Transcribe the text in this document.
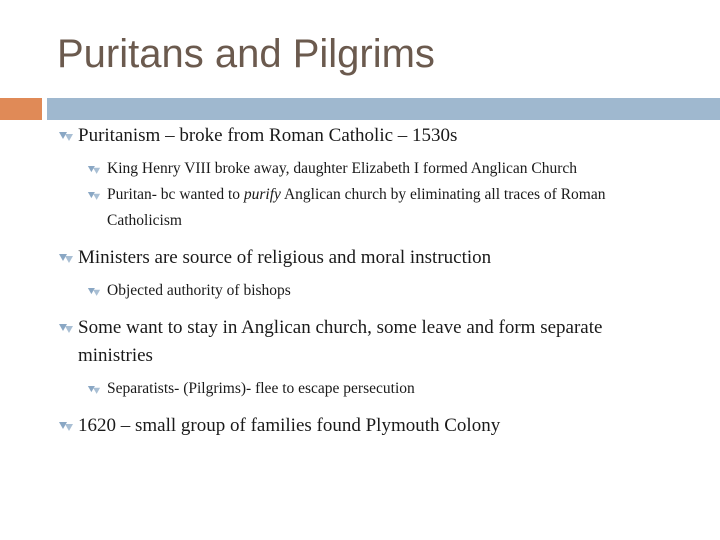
Puritans and Pilgrims
Puritanism – broke from Roman Catholic – 1530s
King Henry VIII broke away, daughter Elizabeth I formed Anglican Church
Puritan- bc wanted to purify Anglican church by eliminating all traces of Roman Catholicism
Ministers are source of religious and moral instruction
Objected authority of bishops
Some want to stay in Anglican church, some leave and form separate ministries
Separatists- (Pilgrims)- flee to escape persecution
1620 – small group of families found Plymouth Colony
